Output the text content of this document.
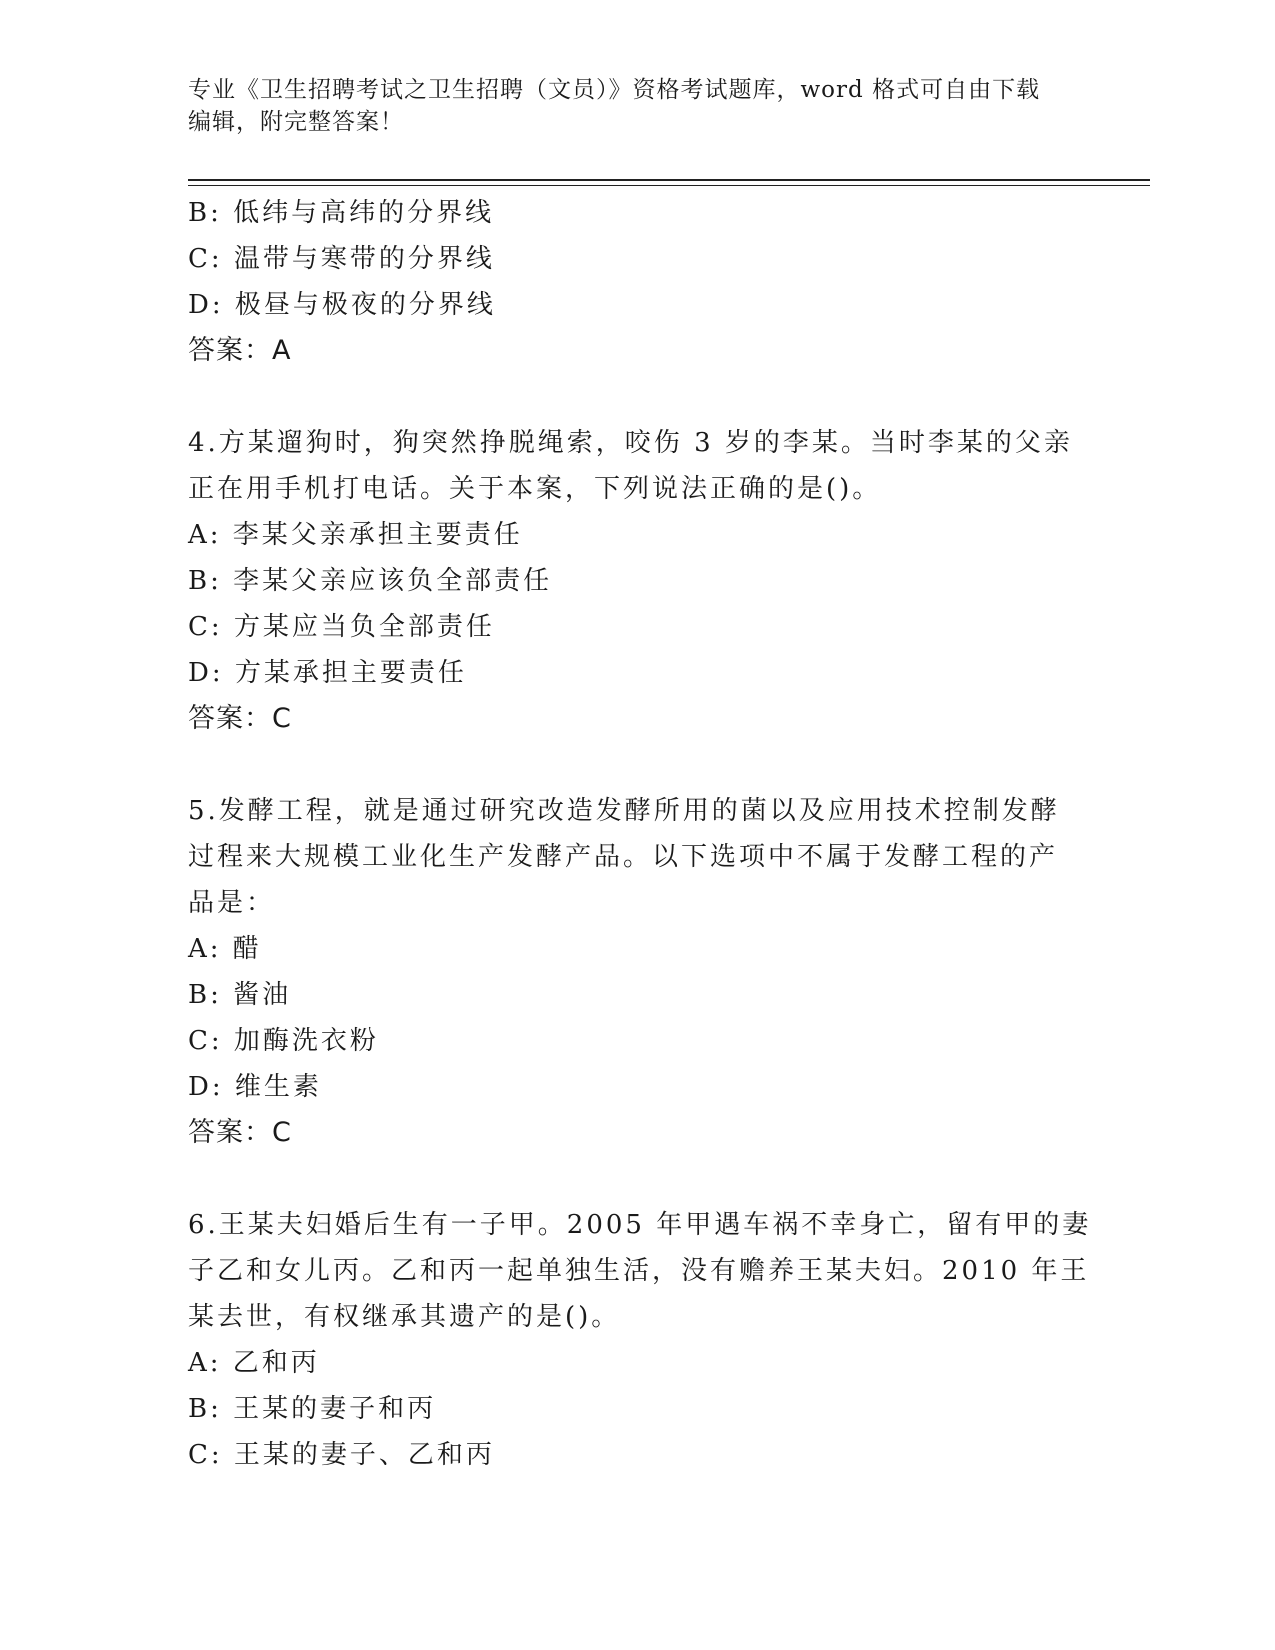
专业《卫生招聘考试之卫生招聘（文员）》资格考试题库，word 格式可自由下载
编辑，附完整答案！
B: 低纬与高纬的分界线
C: 温带与寒带的分界线
D: 极昼与极夜的分界线
答案：A
4.方某遛狗时，狗突然挣脱绳索，咬伤 3 岁的李某。当时李某的父亲
正在用手机打电话。关于本案，下列说法正确的是()。
A: 李某父亲承担主要责任
B: 李某父亲应该负全部责任
C: 方某应当负全部责任
D: 方某承担主要责任
答案：C
5.发酵工程，就是通过研究改造发酵所用的菌以及应用技术控制发酵
过程来大规模工业化生产发酵产品。以下选项中不属于发酵工程的产
品是：
A: 醋
B: 酱油
C: 加酶洗衣粉
D: 维生素
答案：C
6.王某夫妇婚后生有一子甲。2005 年甲遇车祸不幸身亡，留有甲的妻
子乙和女儿丙。乙和丙一起单独生活，没有赡养王某夫妇。2010 年王
某去世，有权继承其遗产的是()。
A: 乙和丙
B: 王某的妻子和丙
C: 王某的妻子、乙和丙
